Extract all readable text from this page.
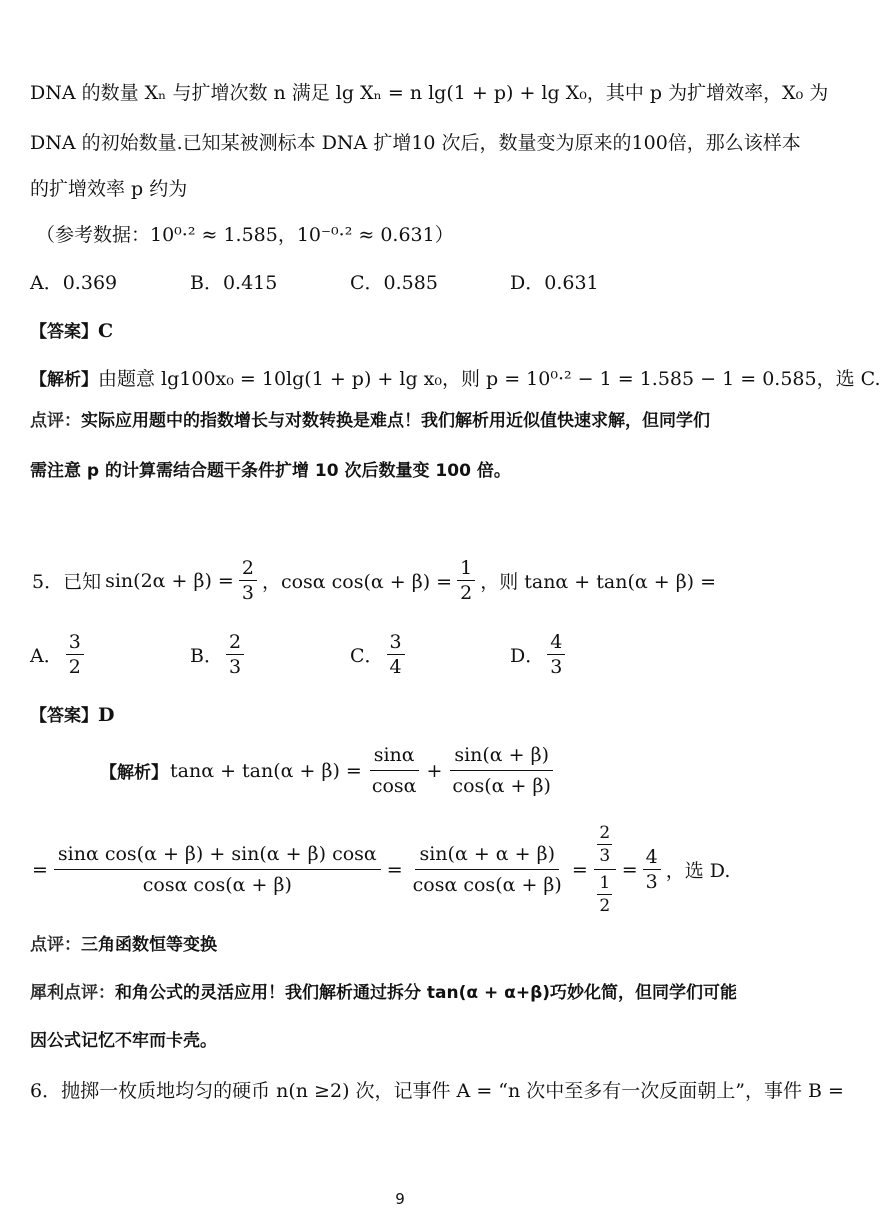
DNA 的数量 Xₙ 与扩增次数 n 满足 lg Xₙ = n lg(1 + p) + lg X₀，其中 p 为扩增效率，X₀ 为
DNA 的初始数量.已知某被测标本 DNA 扩增10 次后，数量变为原来的100倍，那么该样本
的扩增效率 p 约为
（参考数据：10⁰·² ≈ 1.585，10⁻⁰·² ≈ 0.631）
A．0.369	B．0.415	C．0.585	D．0.631
【答案】C
【解析】由题意 lg100x₀ = 10lg(1 + p) + lg x₀，则 p = 10⁰·² − 1 = 1.585 − 1 = 0.585，选 C.
点评：实际应用题中的指数增长与对数转换是难点！我们解析用近似值快速求解，但同学们
需注意 p 的计算需结合题干条件扩增 10 次后数量变 100 倍。
5．已知 $\sin(2\alpha + \beta) = \frac{2}{3}$ ，cosα $\cos(\alpha + \beta) = \frac{1}{2}$ ，则 tanα + tan(α + β) =
A． $\frac{3}{2}$	B． $\frac{2}{3}$	C． $\frac{3}{4}$	D． $\frac{4}{3}$
【答案】D
【解析】 $\tan\alpha + \tan(\alpha + \beta) = \frac{\sin\alpha}{\cos\alpha} + \frac{\sin(\alpha + \beta)}{\cos(\alpha + \beta)}$
= $\frac{\text{sinα cos(α + β) + sin(α + β) cosα}}{\text{cosα cos(α + β)}} = \frac{\sin(\alpha + \alpha + \beta)}{\text{cosα cos(α + β)}}$ =
$\frac{2}{3}$
$\frac{1}{2}$
= $\frac{4}{3}$ ，选 D.
点评：三角函数恒等变换
犀利点评：和角公式的灵活应用！我们解析通过拆分 tan(α + α+β)巧妙化简，但同学们可能
因公式记忆不牢而卡壳。
6．抛掷一枚质地均匀的硬币 n(n ≥2) 次，记事件 A = “n 次中至多有一次反面朝上”，事件 B =
9
